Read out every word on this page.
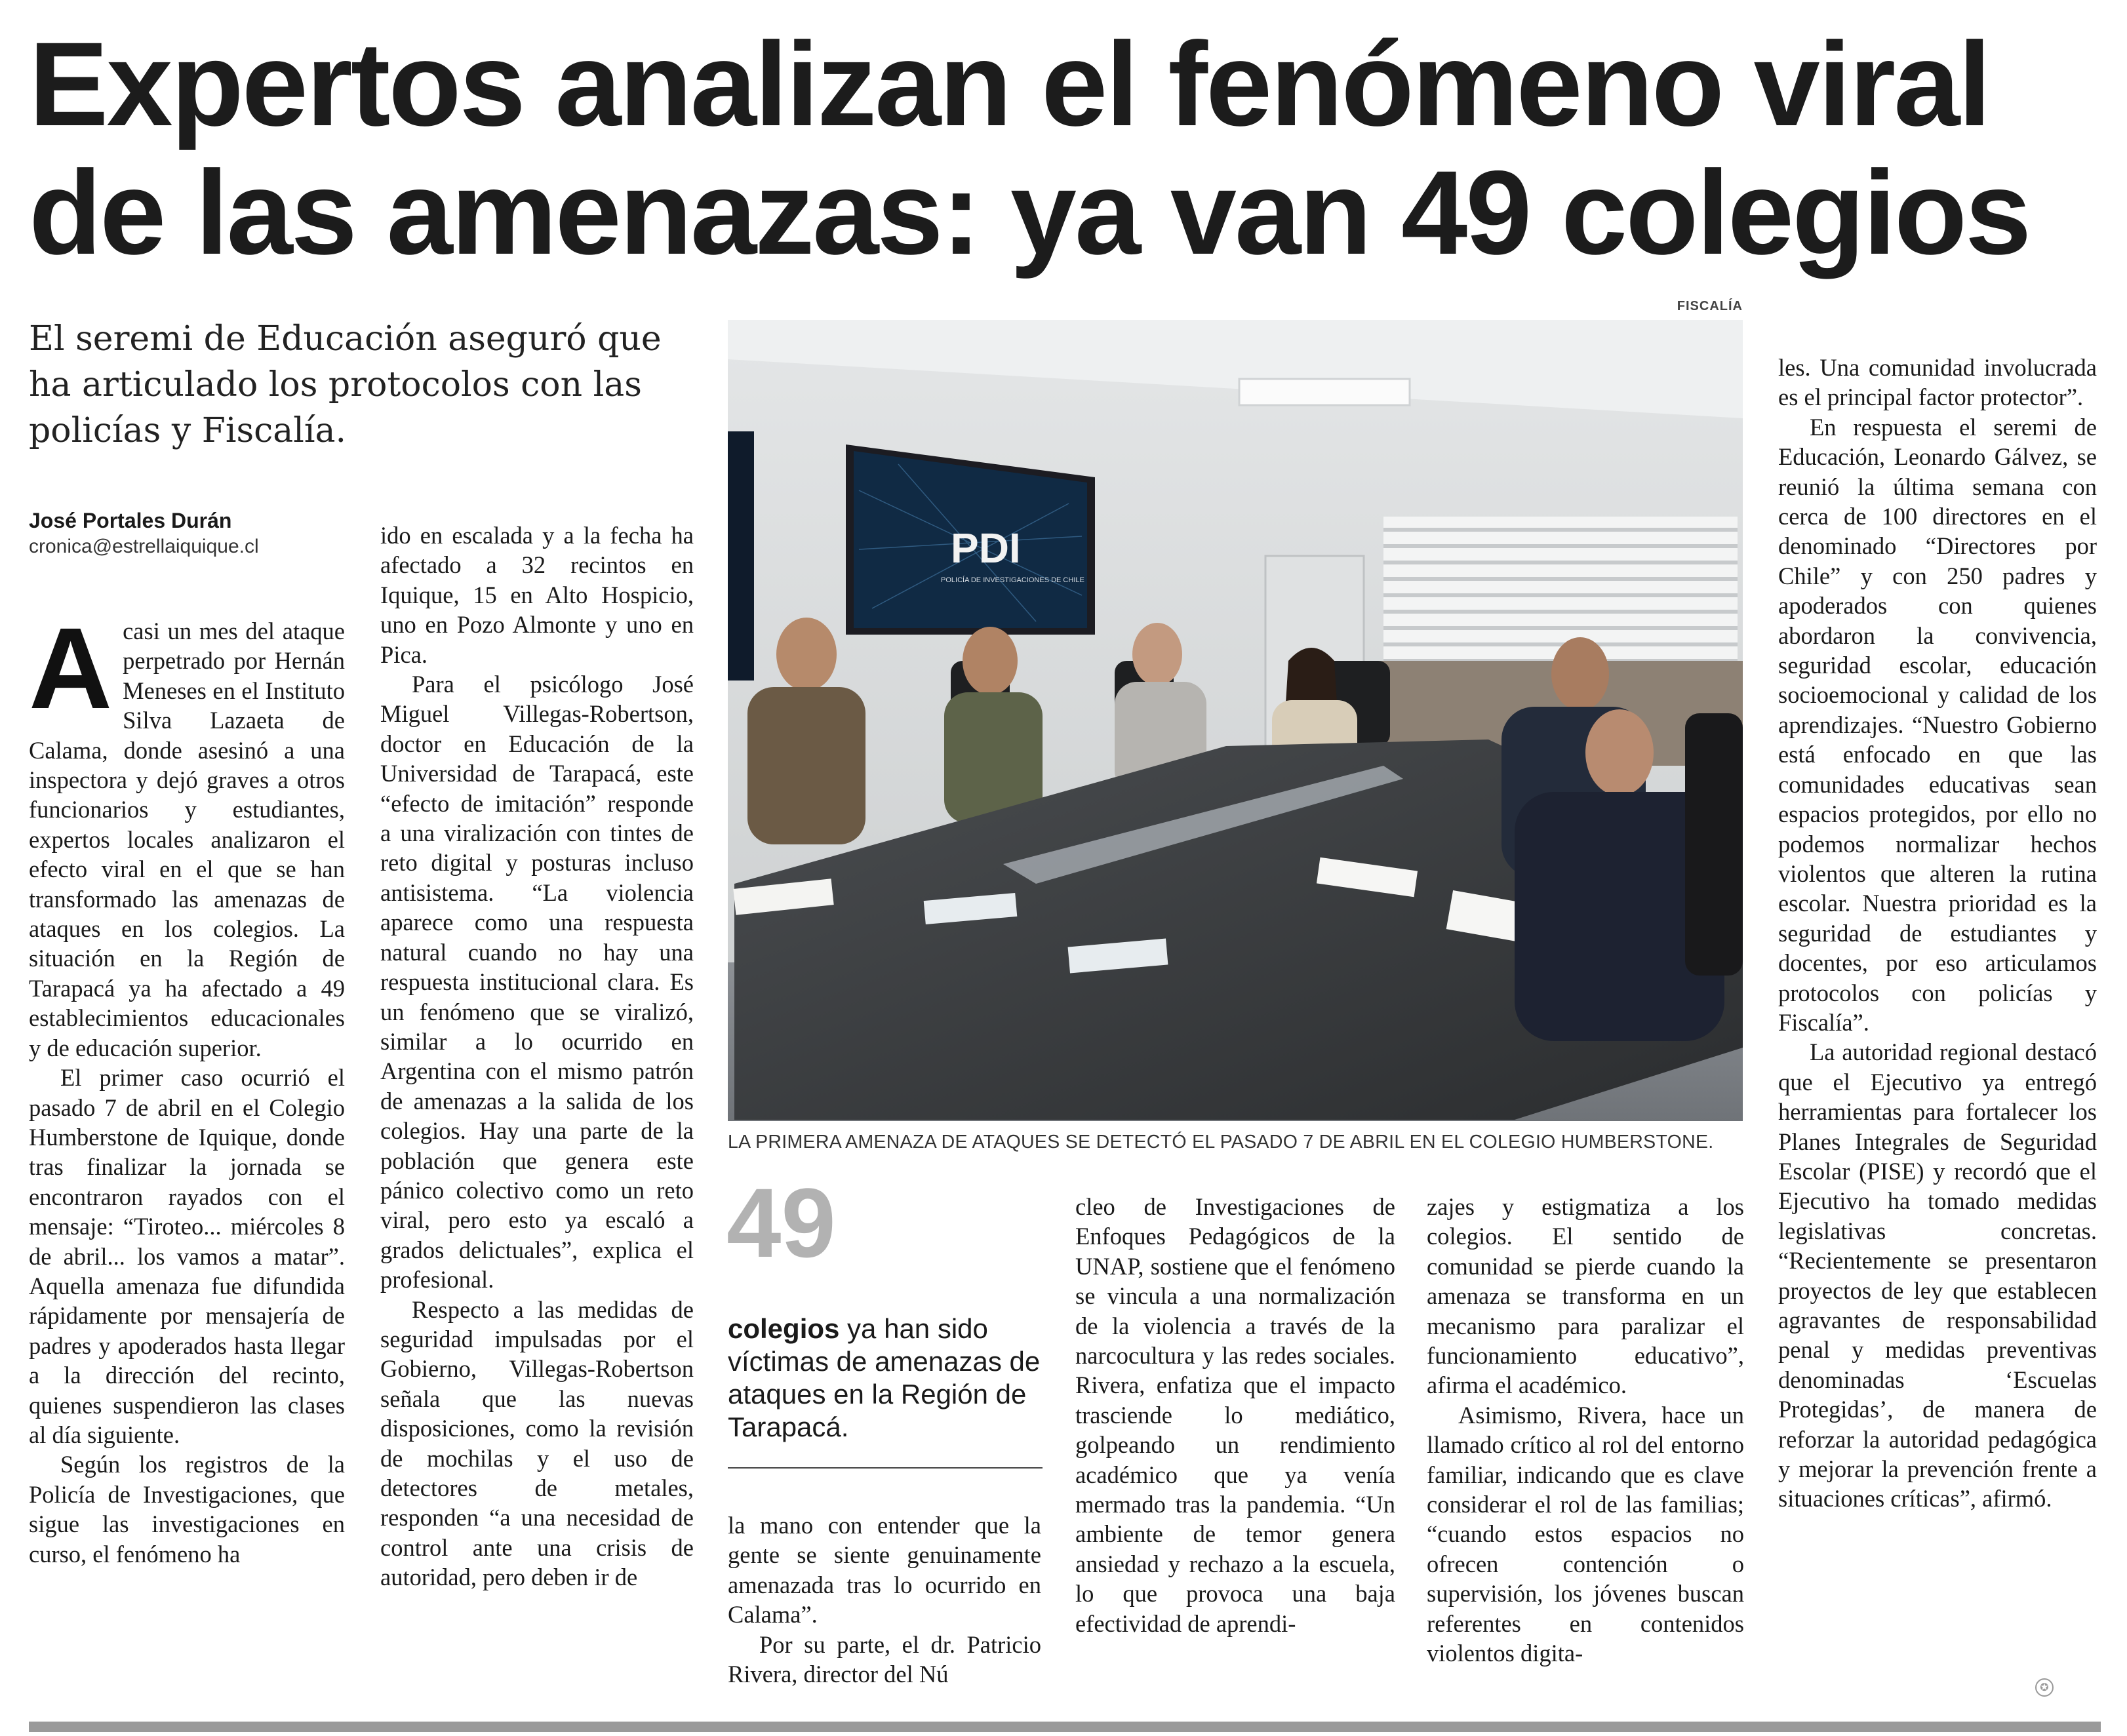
Expertos analizan el fenómeno viral
de las amenazas: ya van 49 colegios
El seremi de Educación aseguró que ha articulado los protocolos con las policías y Fiscalía.
José Portales Durán
cronica@estrellaiquique.cl

A casi un mes del ataque perpetrado por Hernán Meneses en el Instituto Silva Lazaeta de Calama, donde asesinó a una inspectora y dejó graves a otros funcionarios y estudiantes, expertos locales analizaron el efecto viral en el que se han transformado las amenazas de ataques en los colegios. La situación en la Región de Tarapacá ya ha afectado a 49 establecimientos educacionales y de educación superior.

El primer caso ocurrió el pasado 7 de abril en el Colegio Humberstone de Iquique, donde tras finalizar la jornada se encontraron rayados con el mensaje: “Tiroteo... miércoles 8 de abril... los vamos a matar”. Aquella amenaza fue difundida rápidamente por mensajería de padres y apoderados hasta llegar a la dirección del recinto, quienes suspendieron las clases al día siguiente.

Según los registros de la Policía de Investigaciones, que sigue las investigaciones en curso, el fenómeno ha

ido en escalada y a la fecha ha afectado a 32 recintos en Iquique, 15 en Alto Hospicio, uno en Pozo Almonte y uno en Pica.

Para el psicólogo José Miguel Villegas-Robertson, doctor en Educación de la Universidad de Tarapacá, este “efecto de imitación” responde a una viralización con tintes de reto digital y posturas incluso antisistema. “La violencia aparece como una respuesta natural cuando no hay una respuesta institucional clara. Es un fenómeno que se viralizó, similar a lo ocurrido en Argentina con el mismo patrón de amenazas a la salida de los colegios. Hay una parte de la población que genera este pánico colectivo como un reto viral, pero esto ya escaló a grados delictuales”, explica el profesional.

Respecto a las medidas de seguridad impulsadas por el Gobierno, Villegas-Robertson señala que las nuevas disposiciones, como la revisión de mochilas y el uso de detectores de metales, responden “a una necesidad de control ante una crisis de autoridad, pero deben ir de

FISCALÍA
PDI
POLICÍA DE INVESTIGACIONES DE CHILE
LA PRIMERA AMENAZA DE ATAQUES SE DETECTÓ EL PASADO 7 DE ABRIL EN EL COLEGIO HUMBERSTONE.
49
colegios ya han sido víctimas de amenazas de ataques en la Región de Tarapacá.

la mano con entender que la gente se siente genuinamente amenazada tras lo ocurrido en Calama”.

Por su parte, el dr. Patricio Rivera, director del Nú

cleo de Investigaciones de Enfoques Pedagógicos de la UNAP, sostiene que el fenómeno se vincula a una normalización de la violencia a través de la narcocultura y las redes sociales. Rivera, enfatiza que el impacto trasciende lo mediático, golpeando un rendimiento académico que ya venía mermado tras la pandemia. “Un ambiente de temor genera ansiedad y rechazo a la escuela, lo que provoca una baja efectividad de aprendi-

zajes y estigmatiza a los colegios. El sentido de comunidad se pierde cuando la amenaza se transforma en un mecanismo para paralizar el funcionamiento educativo”, afirma el académico.

Asimismo, Rivera, hace un llamado crítico al rol del entorno familiar, indicando que es clave considerar el rol de las familias; “cuando estos espacios no ofrecen contención o supervisión, los jóvenes buscan referentes en contenidos violentos digita-

les. Una comunidad involucrada es el principal factor protector”.

En respuesta el seremi de Educación, Leonardo Gálvez, se reunió la última semana con cerca de 100 directores en el denominado “Directores por Chile” y con 250 padres y apoderados con quienes abordaron la convivencia, seguridad escolar, educación socioemocional y calidad de los aprendizajes. “Nuestro Gobierno está enfocado en que las comunidades educativas sean espacios protegidos, por ello no podemos normalizar hechos violentos que alteren la rutina escolar. Nuestra prioridad es la seguridad de estudiantes y docentes, por eso articulamos protocolos con policías y Fiscalía”.

La autoridad regional destacó que el Ejecutivo ya entregó herramientas para fortalecer los Planes Integrales de Seguridad Escolar (PISE) y recordó que el Ejecutivo ha tomado medidas legislativas concretas. “Recientemente se presentaron proyectos de ley que establecen agravantes de responsabilidad penal y medidas preventivas denominadas ‘Escuelas Protegidas’, de manera de reforzar la autoridad pedagógica y mejorar la prevención frente a situaciones críticas”, afirmó.

✪
